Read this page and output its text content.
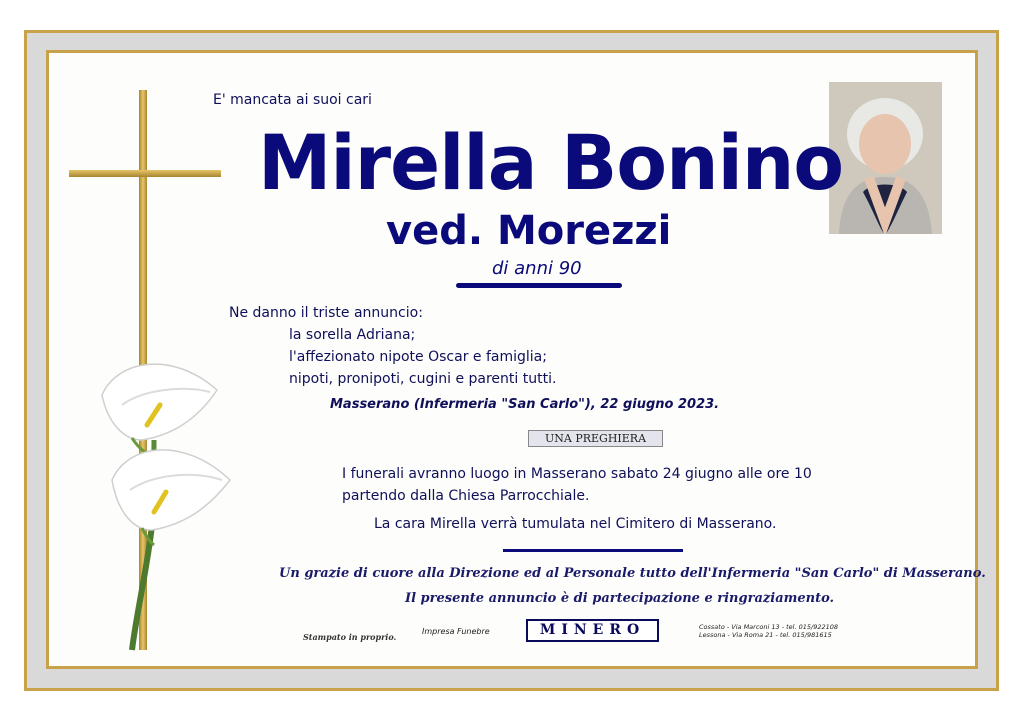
E' mancata ai suoi cari
Mirella Bonino
ved. Morezzi
di anni 90
Ne danno il triste annuncio:
la sorella Adriana;
l'affezionato nipote Oscar e famiglia;
nipoti, pronipoti, cugini e parenti tutti.
Masserano (Infermeria "San Carlo"), 22 giugno 2023.
UNA PREGHIERA
I funerali avranno luogo in Masserano sabato 24 giugno alle ore 10
partendo dalla Chiesa Parrocchiale.
La cara Mirella verrà tumulata nel Cimitero di Masserano.
Un grazie di cuore alla Direzione ed al Personale tutto dell'Infermeria "San Carlo" di Masserano.
Il presente annuncio è di partecipazione e ringraziamento.
Stampato in proprio.
Impresa Funebre	MINERO	Cossato - Via Marconi 13 - tel. 015/922108
Lessona - Via Roma 21 - tel. 015/981615
